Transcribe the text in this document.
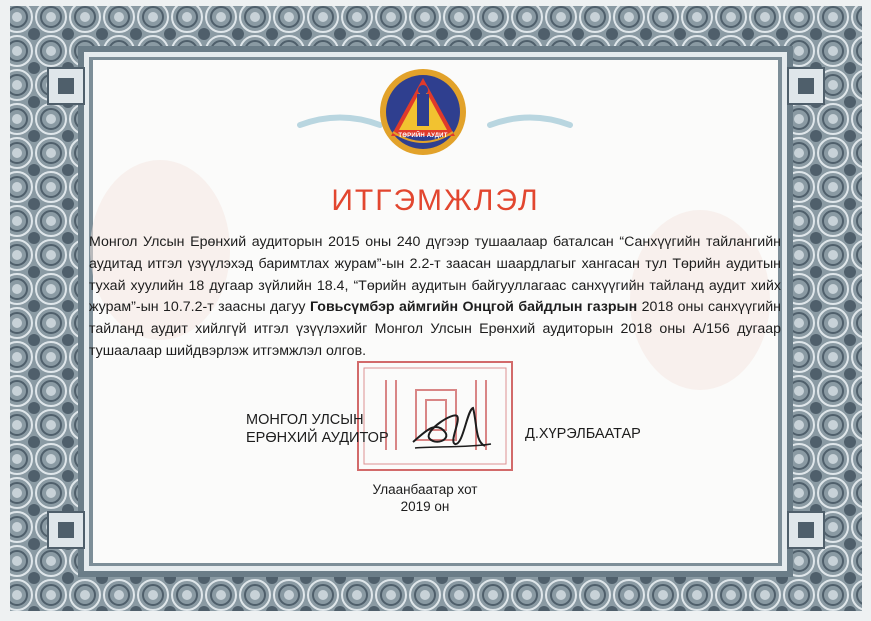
ТӨРИЙН АУДИТ
ИТГЭМЖЛЭЛ
Монгол Улсын Ерөнхий аудиторын 2015 оны 240 дүгээр тушаалаар баталсан “Санхүүгийн тайлангийн аудитад итгэл үзүүлэхэд баримтлах журам”-ын 2.2-т заасан шаардлагыг хангасан тул Төрийн аудитын тухай хуулийн 18 дугаар зүйлийн 18.4, “Төрийн аудитын байгууллагаас санхүүгийн тайланд аудит хийх журам”-ын 10.7.2-т заасны дагуу Говьсүмбэр аймгийн Онцгой байдлын газрын 2018 оны санхүүгийн тайланд аудит хийлгүй итгэл үзүүлэхийг Монгол Улсын Ерөнхий аудиторын 2018 оны А/156 дугаар тушаалаар шийдвэрлэж итгэмжлэл олгов.
МОНГОЛ УЛСЫН
ЕРӨНХИЙ АУДИТОР	Д.ХҮРЭЛБААТАР
Улаанбаатар хот
2019 он
